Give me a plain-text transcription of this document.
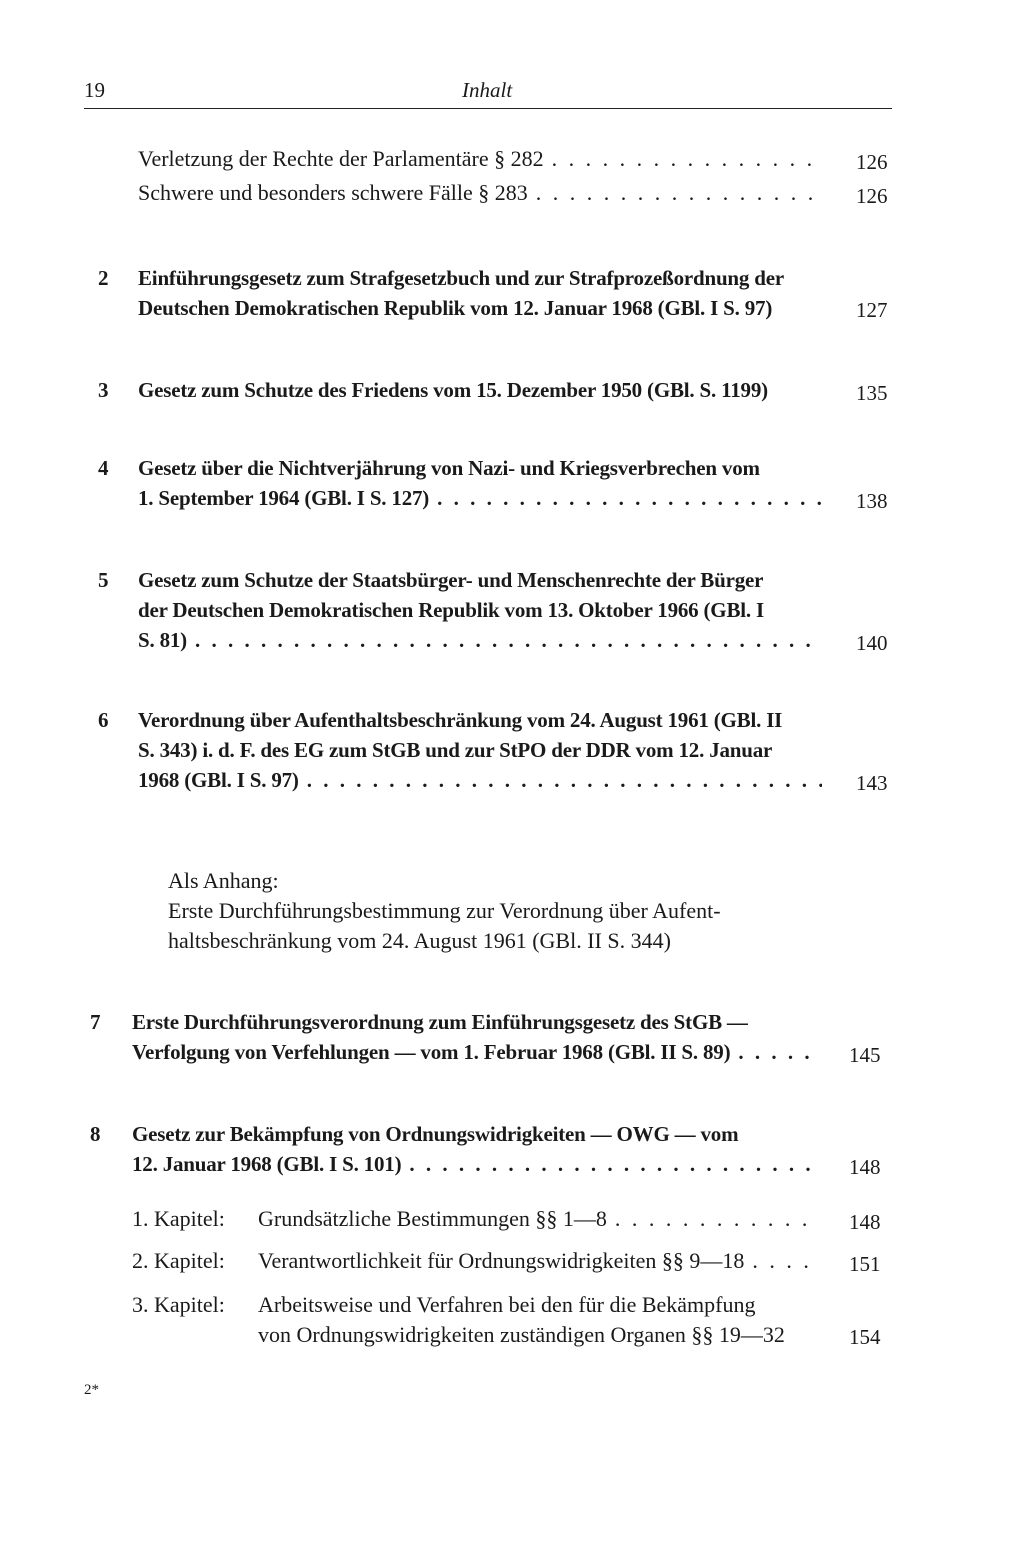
19	Inhalt
Verletzung der Rechte der Parlamentäre § 282 . . .	126
Schwere und besonders schwere Fälle § 283 . . .	126
2 Einführungsgesetz zum Strafgesetzbuch und zur Strafprozeßordnung der
Deutschen Demokratischen Republik vom 12. Januar 1968 (GBl. I S. 97)	127
3 Gesetz zum Schutze des Friedens vom 15. Dezember 1950 (GBl. S. 1199)	135
4 Gesetz über die Nichtverjährung von Nazi- und Kriegsverbrechen vom
1. September 1964 (GBl. I S. 127) . . .	138
5 Gesetz zum Schutze der Staatsbürger- und Menschenrechte der Bürger
der Deutschen Demokratischen Republik vom 13. Oktober 1966 (GBl. I
S. 81) . . .	140
6 Verordnung über Aufenthaltsbeschränkung vom 24. August 1961 (GBl. II
S. 343) i. d. F. des EG zum StGB und zur StPO der DDR vom 12. Januar
1968 (GBl. I S. 97) . . .	143
Als Anhang:
Erste Durchführungsbestimmung zur Verordnung über Aufent-
haltsbeschränkung vom 24. August 1961 (GBl. II S. 344)
7 Erste Durchführungsverordnung zum Einführungsgesetz des StGB —
Verfolgung von Verfehlungen — vom 1. Februar 1968 (GBl. II S. 89) . . .	145
8 Gesetz zur Bekämpfung von Ordnungswidrigkeiten — OWG — vom
12. Januar 1968 (GBl. I S. 101) . . .	148
1. Kapitel: Grundsätzliche Bestimmungen §§ 1—8 . . .	148
2. Kapitel: Verantwortlichkeit für Ordnungswidrigkeiten §§ 9—18 . . .	151
3. Kapitel: Arbeitsweise und Verfahren bei den für die Bekämpfung
von Ordnungswidrigkeiten zuständigen Organen §§ 19—32	154
2*
